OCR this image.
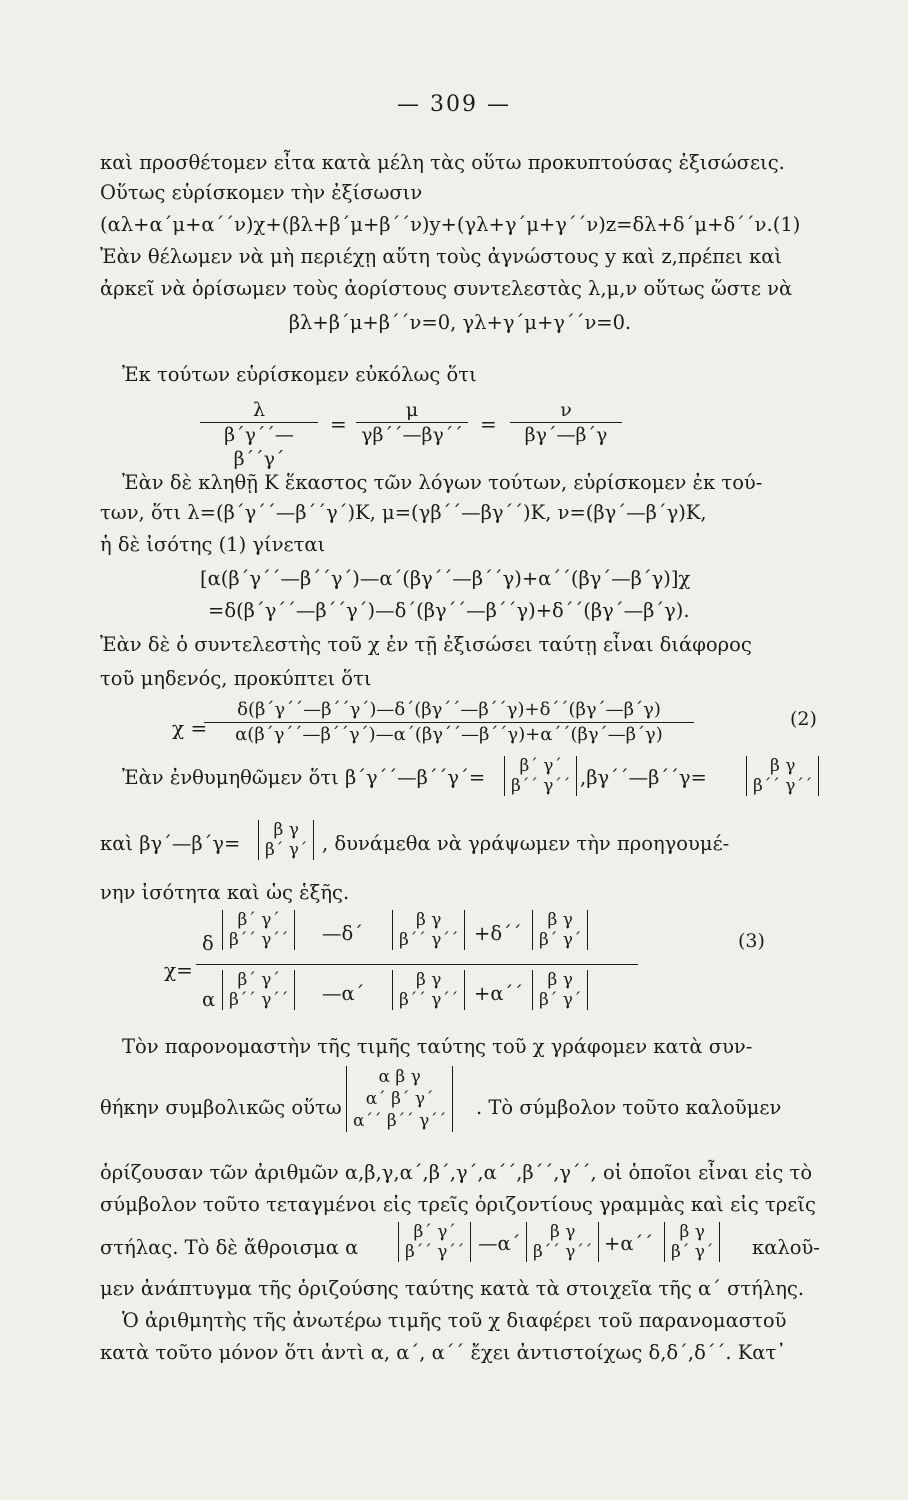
— 309 —
καὶ προσθέτομεν εἶτα κατὰ μέλη τὰς οὕτω προκυπτούσας ἐξισώσεις.
Οὕτως εὑρίσκομεν τὴν ἐξίσωσιν
(αλ+α΄μ+α΄΄ν)χ+(βλ+β΄μ+β΄΄ν)y+(γλ+γ΄μ+γ΄΄ν)z=δλ+δ΄μ+δ΄΄ν.(1)
Ἐὰν θέλωμεν νὰ μὴ περιέχῃ αὕτη τοὺς ἀγνώστους y καὶ z,πρέπει καὶ
ἀρκεῖ νὰ ὁρίσωμεν τοὺς ἀορίστους συντελεστὰς λ,μ,ν οὕτως ὥστε νὰ
βλ+β΄μ+β΄΄ν=0, γλ+γ΄μ+γ΄΄ν=0.
Ἐκ τούτων εὑρίσκομεν εὐκόλως ὅτι
$\frac{\lambda}{\beta΄\gamma΄΄—\beta΄΄\gamma΄} = \frac{\mu}{\gamma\beta΄΄—\beta\gamma΄΄} = \frac{\nu}{\beta\gamma΄—\beta΄\gamma}$
Ἐὰν δὲ κληθῇ Κ ἕκαστος τῶν λόγων τούτων, εὑρίσκομεν ἐκ τού-
των, ὅτι λ=(β΄γ΄΄—β΄΄γ΄)Κ, μ=(γβ΄΄—βγ΄΄)Κ, ν=(βγ΄—β΄γ)Κ,
ἡ δὲ ἰσότης (1) γίνεται
[α(β΄γ΄΄—β΄΄γ΄)—α΄(βγ΄΄—β΄΄γ)+α΄΄(βγ΄—β΄γ)]χ
=δ(β΄γ΄΄—β΄΄γ΄)—δ΄(βγ΄΄—β΄΄γ)+δ΄΄(βγ΄—β΄γ).
Ἐὰν δὲ ὁ συντελεστὴς τοῦ χ ἐν τῇ ἐξισώσει ταύτῃ εἶναι διάφορος
τοῦ μηδενός, προκύπτει ὅτι
χ =
$\frac{\delta(\beta΄\gamma΄΄—\beta΄΄\gamma΄)—\delta΄(\beta\gamma΄΄—\beta΄΄\gamma)+\delta΄΄(\beta\gamma΄—\beta΄\gamma)}{\alpha(\beta΄\gamma΄΄—\beta΄΄\gamma΄)—\alpha΄(\beta\gamma΄΄—\beta΄΄\gamma)+\alpha΄΄(\beta\gamma΄—\beta΄\gamma)}$	(2)
Ἐὰν ἐνθυμηθῶμεν ὅτι β΄γ΄΄—β΄΄γ΄=	β΄ γ΄
β΄΄ γ΄΄ ,βγ΄΄—β΄΄γ=	β γ
β΄΄ γ΄΄
καὶ βγ΄—β΄γ=
β γ
β΄ γ΄ , δυνάμεθα νὰ γράψωμεν τὴν προηγουμέ-
νην ἰσότητα καὶ ὡς ἑξῆς.
χ=
δ
β΄ γ΄
β΄΄ γ΄΄ —δ΄
β γ
β΄΄ γ΄΄ +δ΄΄
β γ
β΄ γ΄	(3)
α
β΄ γ΄
β΄΄ γ΄΄ —α΄
β γ
β΄΄ γ΄΄ +α΄΄
β γ
β΄ γ΄
Τὸν παρονομαστὴν τῆς τιμῆς ταύτης τοῦ χ γράφομεν κατὰ συν-
θήκην συμβολικῶς οὕτω
α β γ
α΄ β΄ γ΄
α΄΄ β΄΄ γ΄΄
. Τὸ σύμβολον τοῦτο καλοῦμεν
ὁρίζουσαν τῶν ἀριθμῶν α,β,γ,α΄,β΄,γ΄,α΄΄,β΄΄,γ΄΄, οἱ ὁποῖοι εἶναι εἰς τὸ
σύμβολον τοῦτο τεταγμένοι εἰς τρεῖς ὁριζοντίους γραμμὰς καὶ εἰς τρεῖς
στήλας. Τὸ δὲ ἄθροισμα α
β΄ γ΄
β΄΄ γ΄΄ —α΄	β γ
β΄΄ γ΄΄ +α΄΄	β γ
β΄ γ΄ καλοῦ-
μεν ἀνάπτυγμα τῆς ὁριζούσης ταύτης κατὰ τὰ στοιχεῖα τῆς α΄ στήλης.
Ὁ ἀριθμητὴς τῆς ἀνωτέρω τιμῆς τοῦ χ διαφέρει τοῦ παρανομαστοῦ
κατὰ τοῦτο μόνον ὅτι ἀντὶ α, α΄, α΄΄ ἔχει ἀντιστοίχως δ,δ΄,δ΄΄. Κατ᾽
